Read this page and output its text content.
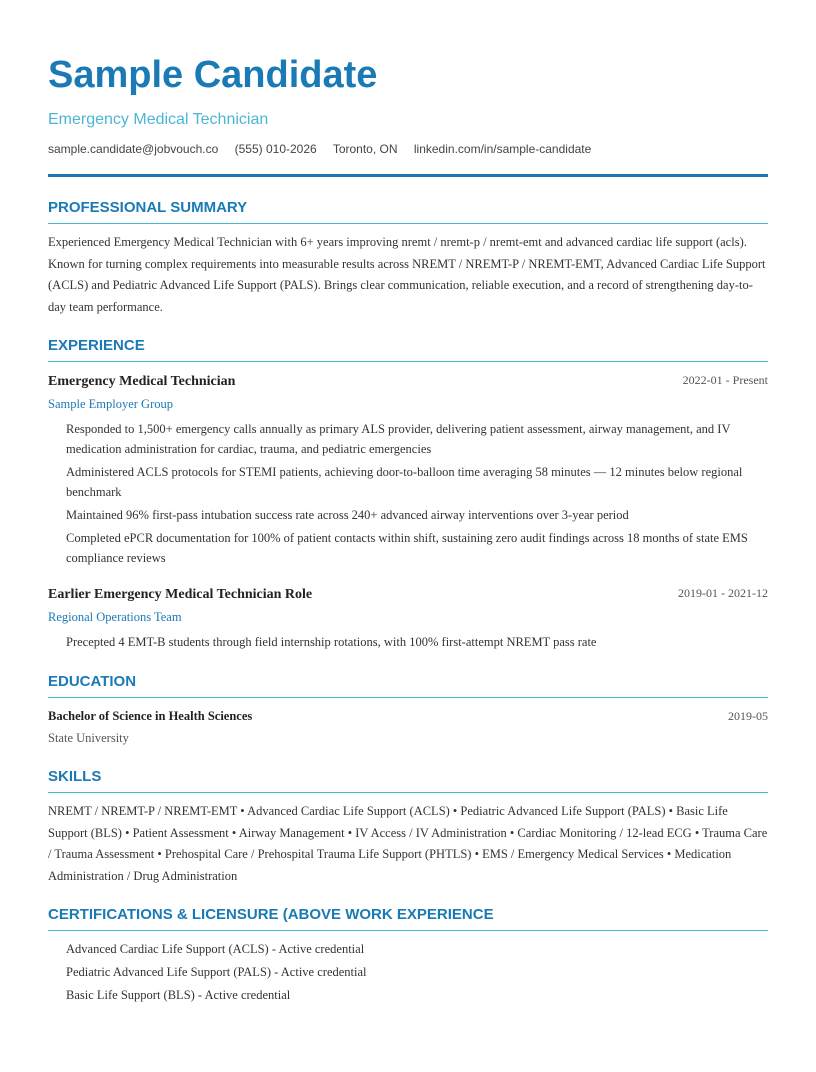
Sample Candidate
Emergency Medical Technician
sample.candidate@jobvouch.co (555) 010-2026 Toronto, ON linkedin.com/in/sample-candidate
PROFESSIONAL SUMMARY
Experienced Emergency Medical Technician with 6+ years improving nremt / nremt-p / nremt-emt and advanced cardiac life support (acls). Known for turning complex requirements into measurable results across NREMT / NREMT-P / NREMT-EMT, Advanced Cardiac Life Support (ACLS) and Pediatric Advanced Life Support (PALS). Brings clear communication, reliable execution, and a record of strengthening day-to-day team performance.
EXPERIENCE
Emergency Medical Technician	2022-01 - Present
Sample Employer Group
Responded to 1,500+ emergency calls annually as primary ALS provider, delivering patient assessment, airway management, and IV medication administration for cardiac, trauma, and pediatric emergencies
Administered ACLS protocols for STEMI patients, achieving door-to-balloon time averaging 58 minutes — 12 minutes below regional benchmark
Maintained 96% first-pass intubation success rate across 240+ advanced airway interventions over 3-year period
Completed ePCR documentation for 100% of patient contacts within shift, sustaining zero audit findings across 18 months of state EMS compliance reviews
Earlier Emergency Medical Technician Role	2019-01 - 2021-12
Regional Operations Team
Precepted 4 EMT-B students through field internship rotations, with 100% first-attempt NREMT pass rate
EDUCATION
Bachelor of Science in Health Sciences	2019-05
State University
SKILLS
NREMT / NREMT-P / NREMT-EMT • Advanced Cardiac Life Support (ACLS) • Pediatric Advanced Life Support (PALS) • Basic Life Support (BLS) • Patient Assessment • Airway Management • IV Access / IV Administration • Cardiac Monitoring / 12-lead ECG • Trauma Care / Trauma Assessment • Prehospital Care / Prehospital Trauma Life Support (PHTLS) • EMS / Emergency Medical Services • Medication Administration / Drug Administration
CERTIFICATIONS & LICENSURE (ABOVE WORK EXPERIENCE
Advanced Cardiac Life Support (ACLS) - Active credential
Pediatric Advanced Life Support (PALS) - Active credential
Basic Life Support (BLS) - Active credential
